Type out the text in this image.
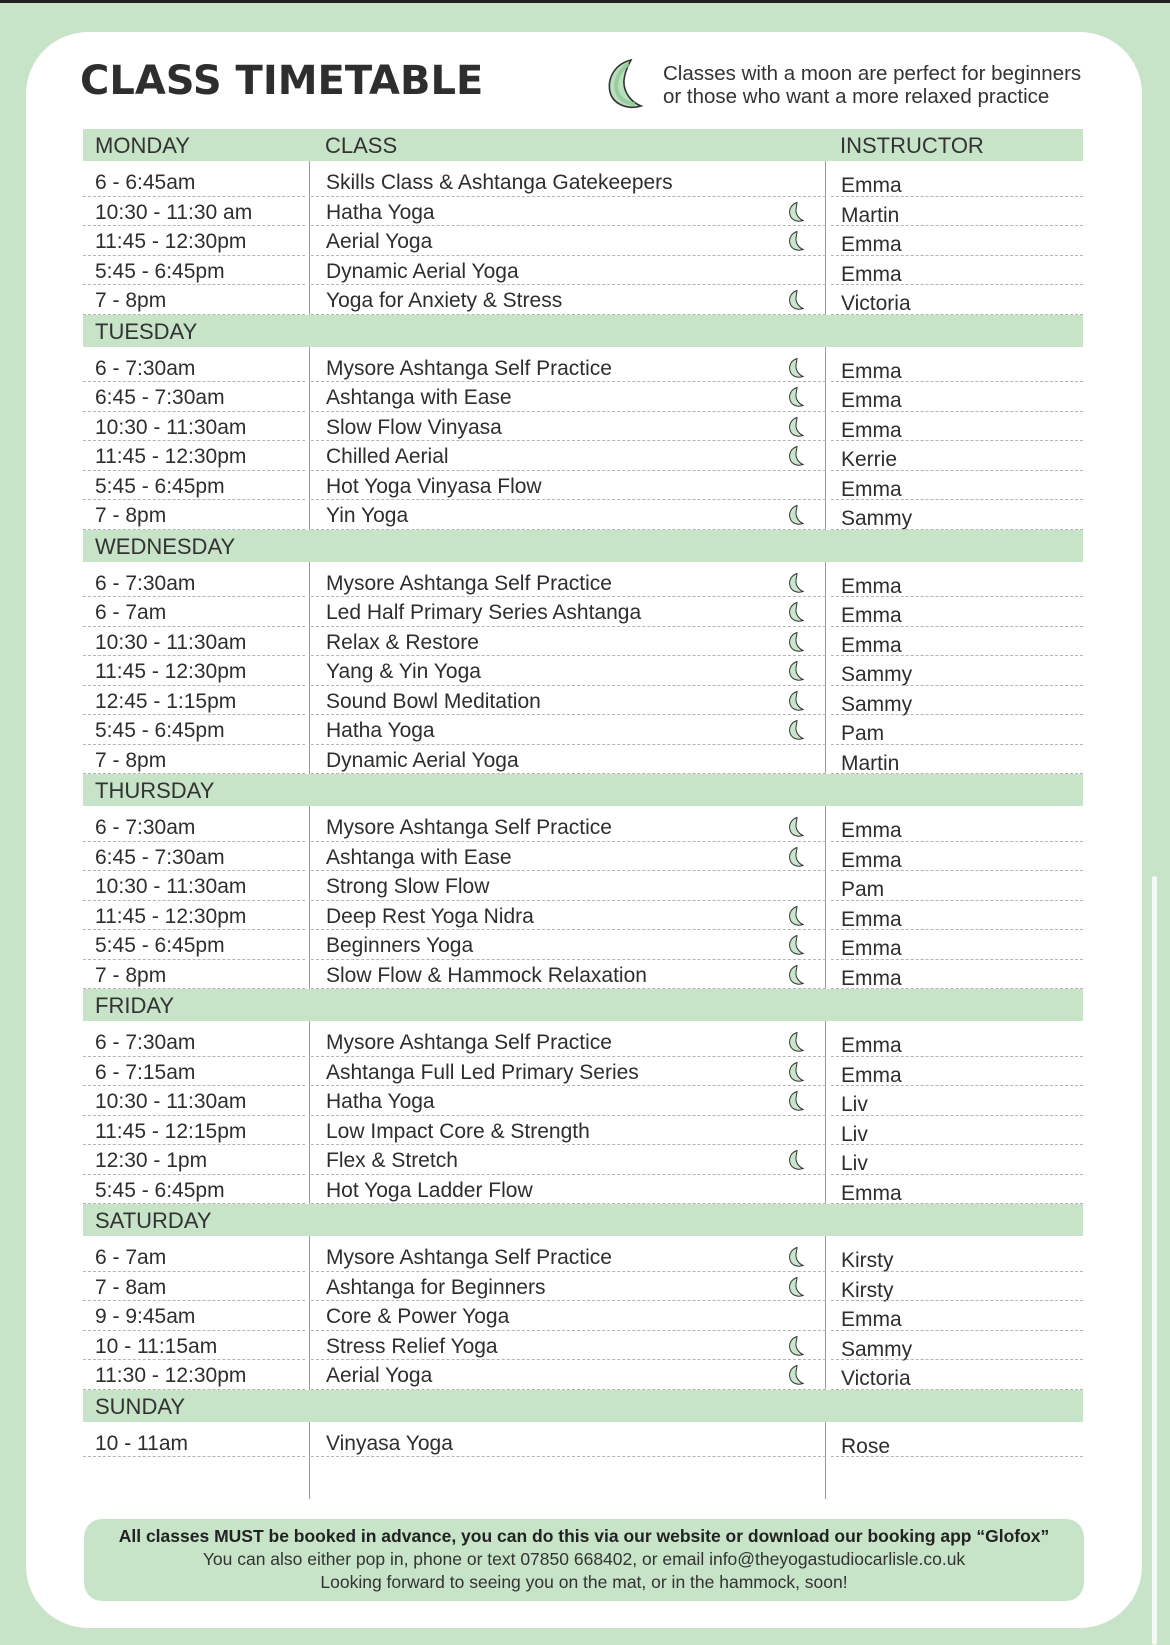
CLASS TIMETABLE	Classes with a moon are perfect for beginners
or those who want a more relaxed practice
MONDAY	CLASS	INSTRUCTOR
6 - 6:45am	Skills Class & Ashtanga Gatekeepers	Emma
10:30 - 11:30 am	Hatha Yoga	Martin
11:45 - 12:30pm	Aerial Yoga	Emma
5:45 - 6:45pm	Dynamic Aerial Yoga	Emma
7 - 8pm	Yoga for Anxiety & Stress	Victoria
TUESDAY
6 - 7:30am	Mysore Ashtanga Self Practice	Emma
6:45 - 7:30am	Ashtanga with Ease	Emma
10:30 - 11:30am	Slow Flow Vinyasa	Emma
11:45 - 12:30pm	Chilled Aerial	Kerrie
5:45 - 6:45pm	Hot Yoga Vinyasa Flow	Emma
7 - 8pm	Yin Yoga	Sammy
WEDNESDAY
6 - 7:30am	Mysore Ashtanga Self Practice	Emma
6 - 7am	Led Half Primary Series Ashtanga	Emma
10:30 - 11:30am	Relax & Restore	Emma
11:45 - 12:30pm	Yang & Yin Yoga	Sammy
12:45 - 1:15pm	Sound Bowl Meditation	Sammy
5:45 - 6:45pm	Hatha Yoga	Pam
7 - 8pm	Dynamic Aerial Yoga	Martin
THURSDAY
6 - 7:30am	Mysore Ashtanga Self Practice	Emma
6:45 - 7:30am	Ashtanga with Ease	Emma
10:30 - 11:30am	Strong Slow Flow	Pam
11:45 - 12:30pm	Deep Rest Yoga Nidra	Emma
5:45 - 6:45pm	Beginners Yoga	Emma
7 - 8pm	Slow Flow & Hammock Relaxation	Emma
FRIDAY
6 - 7:30am	Mysore Ashtanga Self Practice	Emma
6 - 7:15am	Ashtanga Full Led Primary Series	Emma
10:30 - 11:30am	Hatha Yoga	Liv
11:45 - 12:15pm	Low Impact Core & Strength	Liv
12:30 - 1pm	Flex & Stretch	Liv
5:45 - 6:45pm	Hot Yoga Ladder Flow	Emma
SATURDAY
6 - 7am	Mysore Ashtanga Self Practice	Kirsty
7 - 8am	Ashtanga for Beginners	Kirsty
9 - 9:45am	Core & Power Yoga	Emma
10 - 11:15am	Stress Relief Yoga	Sammy
11:30 - 12:30pm	Aerial Yoga	Victoria
SUNDAY
10 - 11am	Vinyasa Yoga	Rose
All classes MUST be booked in advance, you can do this via our website or download our booking app “Glofox”
You can also either pop in, phone or text 07850 668402, or email info@theyogastudiocarlisle.co.uk
Looking forward to seeing you on the mat, or in the hammock, soon!
